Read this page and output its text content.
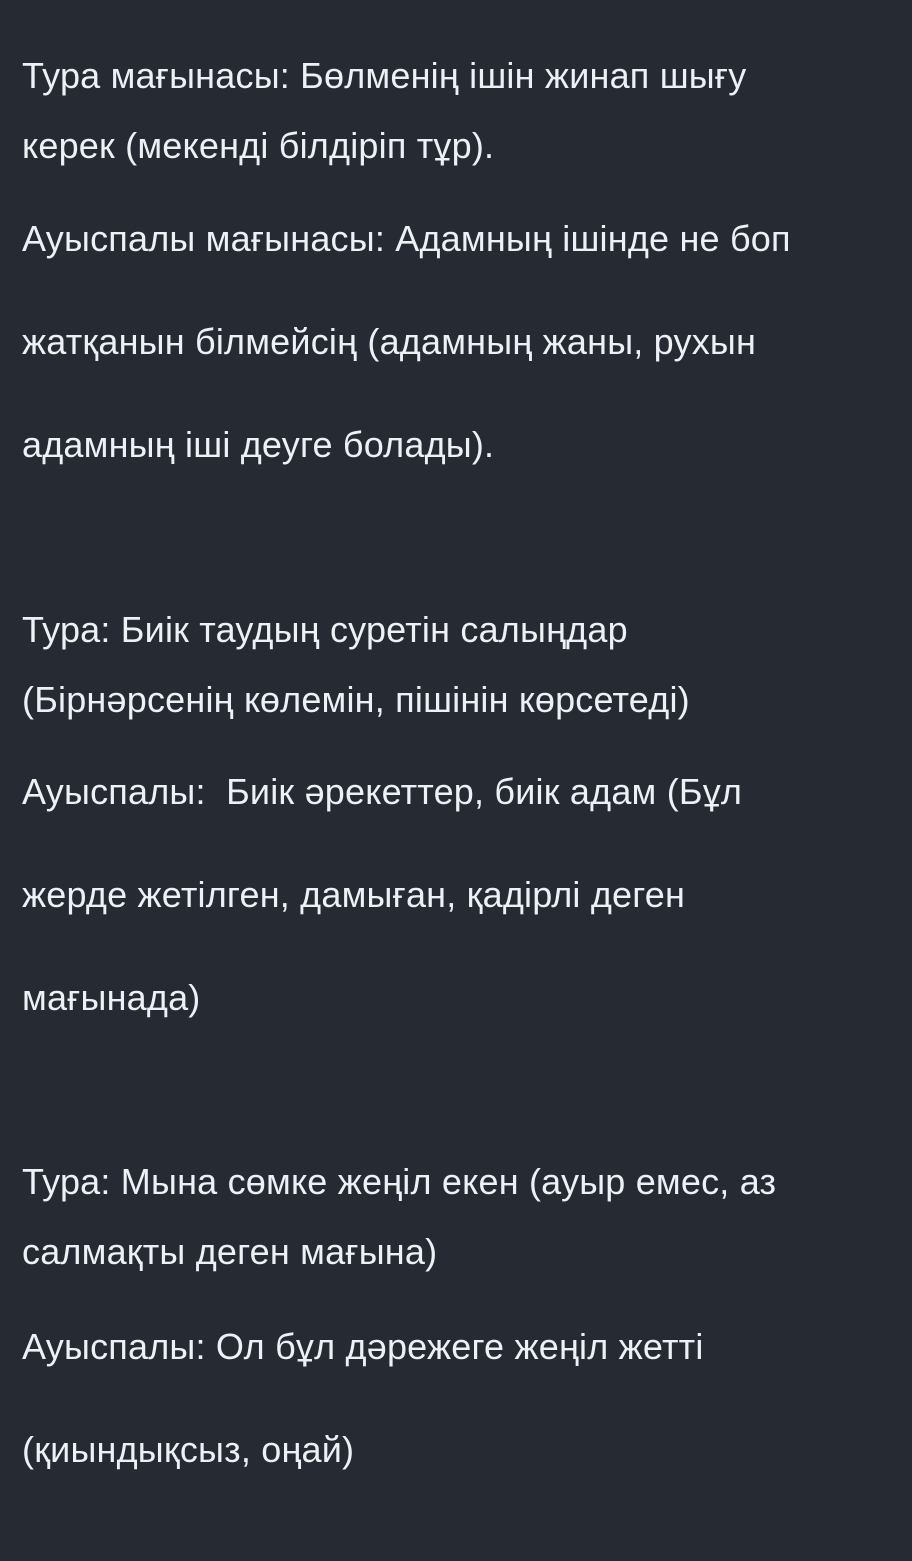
Тура мағынасы: Бөлменің ішін жинап шығу
керек (мекенді білдіріп тұр).
Ауыспалы мағынасы: Адамның ішінде не боп
жатқанын білмейсің (адамның жаны, рухын
адамның іші деуге болады).
Тура: Биік таудың суретін салыңдар
(Бірнәрсенің көлемін, пішінін көрсетеді)
Ауыспалы:  Биік әрекеттер, биік адам (Бұл
жерде жетілген, дамыған, қадірлі деген
мағынада)
Тура: Мына сөмке жеңіл екен (ауыр емес, аз
салмақты деген мағына)
Ауыспалы: Ол бұл дәрежеге жеңіл жетті
(қиындықсыз, оңай)
